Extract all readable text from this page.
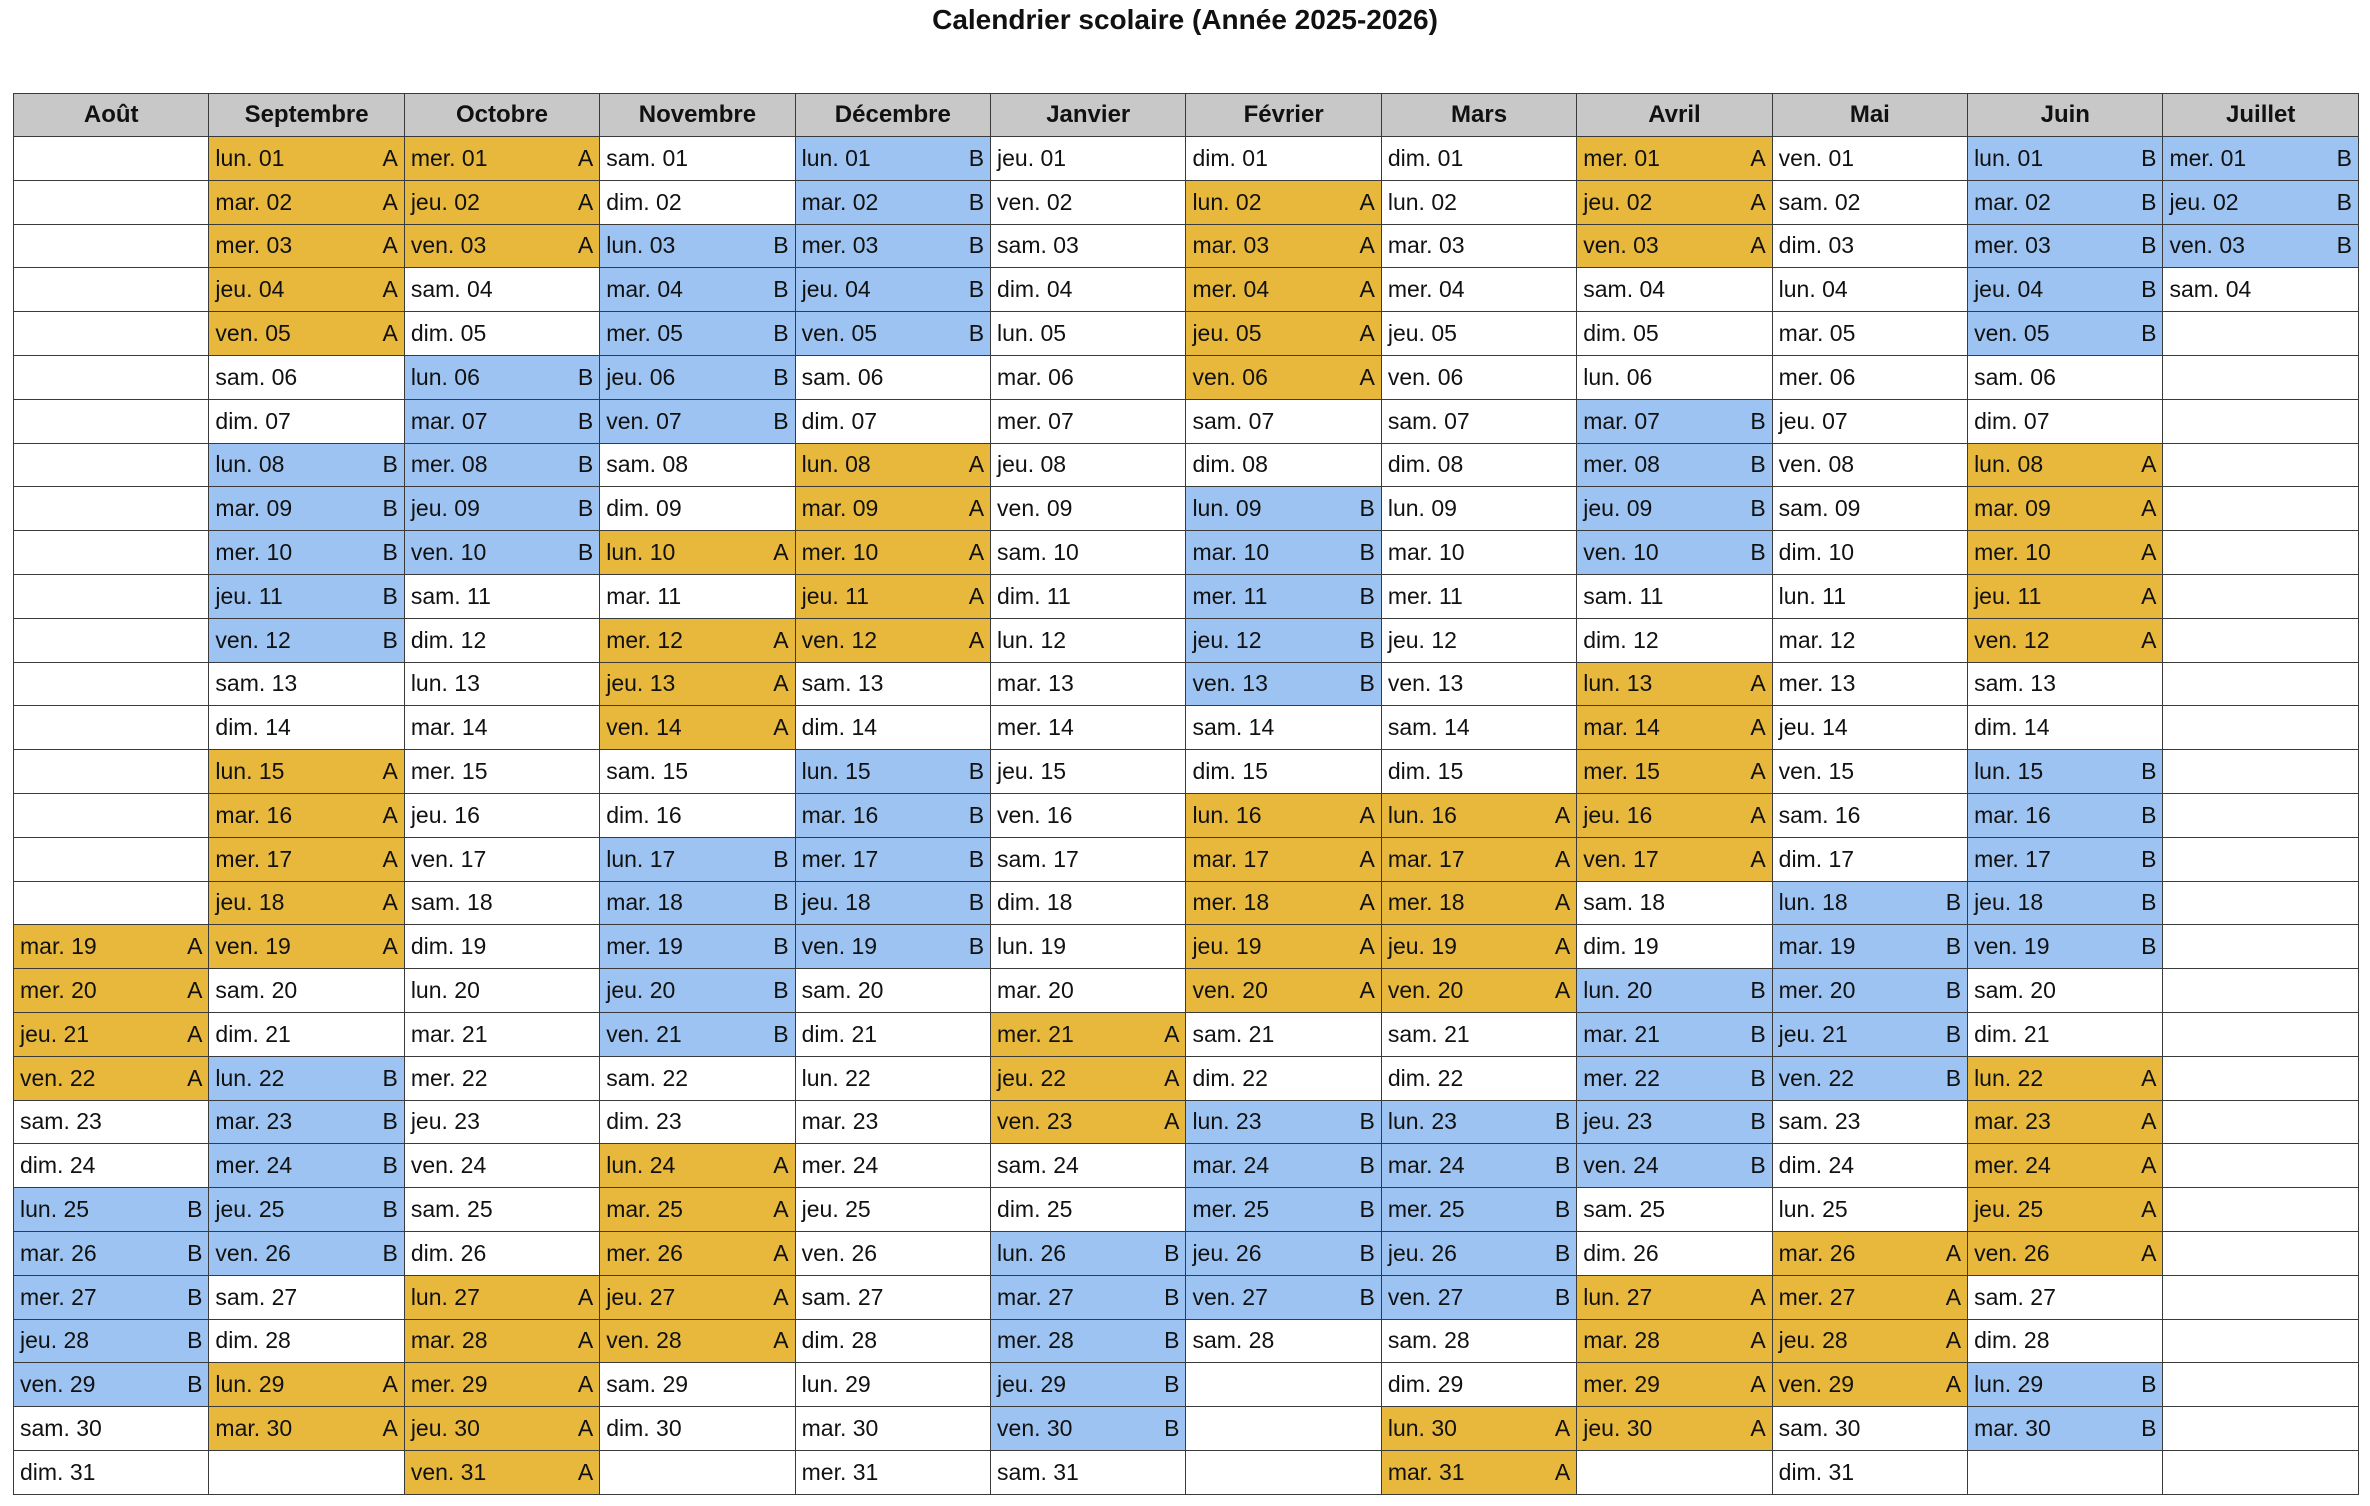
Calendrier scolaire (Année 2025-2026)
Août	Septembre	Octobre	Novembre	Décembre	Janvier	Février	Mars	Avril	Mai	Juin	Juillet

	lun. 01 A	mer. 01 A	sam. 01	lun. 01 B	jeu. 01	dim. 01	dim. 01	mer. 01 A	ven. 01	lun. 01 B	mer. 01 B

	mar. 02 A	jeu. 02 A	dim. 02	mar. 02 B	ven. 02	lun. 02 A	lun. 02	jeu. 02 A	sam. 02	mar. 02 B	jeu. 02 B

	mer. 03 A	ven. 03 A	lun. 03 B	mer. 03 B	sam. 03	mar. 03 A	mar. 03	ven. 03 A	dim. 03	mer. 03 B	ven. 03 B

	jeu. 04 A	sam. 04	mar. 04 B	jeu. 04 B	dim. 04	mer. 04 A	mer. 04	sam. 04	lun. 04	jeu. 04 B	sam. 04

	ven. 05 A	dim. 05	mer. 05 B	ven. 05 B	lun. 05	jeu. 05 A	jeu. 05	dim. 05	mar. 05	ven. 05 B	

	sam. 06	lun. 06 B	jeu. 06 B	sam. 06	mar. 06	ven. 06 A	ven. 06	lun. 06	mer. 06	sam. 06	

	dim. 07	mar. 07 B	ven. 07 B	dim. 07	mer. 07	sam. 07	sam. 07	mar. 07 B	jeu. 07	dim. 07	

	lun. 08 B	mer. 08 B	sam. 08	lun. 08 A	jeu. 08	dim. 08	dim. 08	mer. 08 B	ven. 08	lun. 08 A	

	mar. 09 B	jeu. 09 B	dim. 09	mar. 09 A	ven. 09	lun. 09 B	lun. 09	jeu. 09 B	sam. 09	mar. 09 A	

	mer. 10 B	ven. 10 B	lun. 10 A	mer. 10 A	sam. 10	mar. 10 B	mar. 10	ven. 10 B	dim. 10	mer. 10 A	

	jeu. 11 B	sam. 11	mar. 11	jeu. 11 A	dim. 11	mer. 11 B	mer. 11	sam. 11	lun. 11	jeu. 11 A	

	ven. 12 B	dim. 12	mer. 12 A	ven. 12 A	lun. 12	jeu. 12 B	jeu. 12	dim. 12	mar. 12	ven. 12 A	

	sam. 13	lun. 13	jeu. 13 A	sam. 13	mar. 13	ven. 13 B	ven. 13	lun. 13 A	mer. 13	sam. 13	

	dim. 14	mar. 14	ven. 14 A	dim. 14	mer. 14	sam. 14	sam. 14	mar. 14 A	jeu. 14	dim. 14	

	lun. 15 A	mer. 15	sam. 15	lun. 15 B	jeu. 15	dim. 15	dim. 15	mer. 15 A	ven. 15	lun. 15 B	

	mar. 16 A	jeu. 16	dim. 16	mar. 16 B	ven. 16	lun. 16 A	lun. 16 A	jeu. 16 A	sam. 16	mar. 16 B	

	mer. 17 A	ven. 17	lun. 17 B	mer. 17 B	sam. 17	mar. 17 A	mar. 17 A	ven. 17 A	dim. 17	mer. 17 B	

	jeu. 18 A	sam. 18	mar. 18 B	jeu. 18 B	dim. 18	mer. 18 A	mer. 18 A	sam. 18	lun. 18 B	jeu. 18 B	

mar. 19 A	ven. 19 A	dim. 19	mer. 19 B	ven. 19 B	lun. 19	jeu. 19 A	jeu. 19 A	dim. 19	mar. 19 B	ven. 19 B	

mer. 20 A	sam. 20	lun. 20	jeu. 20 B	sam. 20	mar. 20	ven. 20 A	ven. 20 A	lun. 20 B	mer. 20 B	sam. 20	

jeu. 21 A	dim. 21	mar. 21	ven. 21 B	dim. 21	mer. 21 A	sam. 21	sam. 21	mar. 21 B	jeu. 21 B	dim. 21	

ven. 22 A	lun. 22 B	mer. 22	sam. 22	lun. 22	jeu. 22 A	dim. 22	dim. 22	mer. 22 B	ven. 22 B	lun. 22 A	

sam. 23	mar. 23 B	jeu. 23	dim. 23	mar. 23	ven. 23 A	lun. 23 B	lun. 23 B	jeu. 23 B	sam. 23	mar. 23 A	

dim. 24	mer. 24 B	ven. 24	lun. 24 A	mer. 24	sam. 24	mar. 24 B	mar. 24 B	ven. 24 B	dim. 24	mer. 24 A	

lun. 25 B	jeu. 25 B	sam. 25	mar. 25 A	jeu. 25	dim. 25	mer. 25 B	mer. 25 B	sam. 25	lun. 25	jeu. 25 A	

mar. 26 B	ven. 26 B	dim. 26	mer. 26 A	ven. 26	lun. 26 B	jeu. 26 B	jeu. 26 B	dim. 26	mar. 26 A	ven. 26 A	

mer. 27 B	sam. 27	lun. 27 A	jeu. 27 A	sam. 27	mar. 27 B	ven. 27 B	ven. 27 B	lun. 27 A	mer. 27 A	sam. 27	

jeu. 28 B	dim. 28	mar. 28 A	ven. 28 A	dim. 28	mer. 28 B	sam. 28	sam. 28	mar. 28 A	jeu. 28 A	dim. 28	

ven. 29 B	lun. 29 A	mer. 29 A	sam. 29	lun. 29	jeu. 29 B		dim. 29	mer. 29 A	ven. 29 A	lun. 29 B	

sam. 30	mar. 30 A	jeu. 30 A	dim. 30	mar. 30	ven. 30 B		lun. 30 A	jeu. 30 A	sam. 30	mar. 30 B	

dim. 31		ven. 31 A		mer. 31	sam. 31		mar. 31 A		dim. 31		
